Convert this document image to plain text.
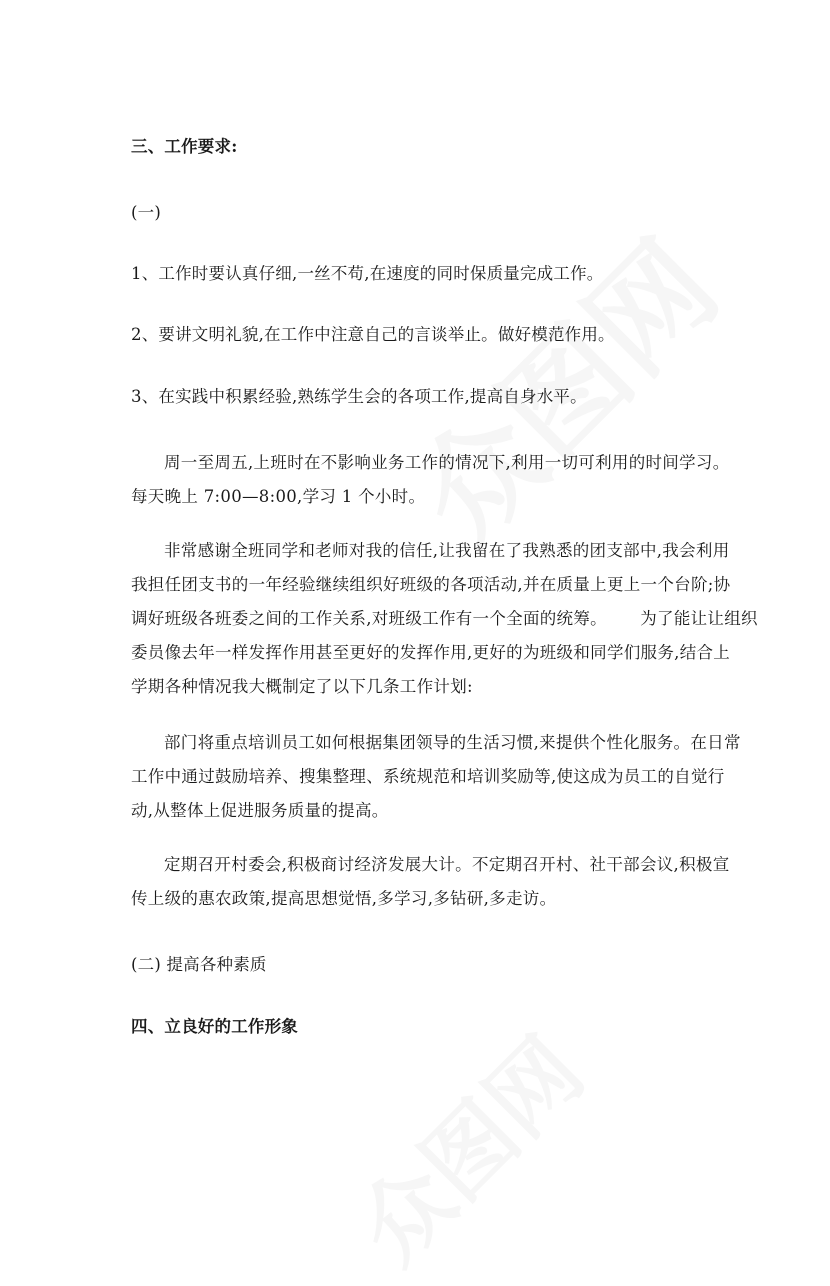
三、工作要求:
(一)
1、工作时要认真仔细,一丝不苟,在速度的同时保质量完成工作。
2、要讲文明礼貌,在工作中注意自己的言谈举止。做好模范作用。
3、在实践中积累经验,熟练学生会的各项工作,提高自身水平。
周一至周五,上班时在不影响业务工作的情况下,利用一切可利用的时间学习。
每天晚上 7:00—8:00,学习 1 个小时。
非常感谢全班同学和老师对我的信任,让我留在了我熟悉的团支部中,我会利用
我担任团支书的一年经验继续组织好班级的各项活动,并在质量上更上一个台阶;协
调好班级各班委之间的工作关系,对班级工作有一个全面的统筹。      为了能让让组织
委员像去年一样发挥作用甚至更好的发挥作用,更好的为班级和同学们服务,结合上
学期各种情况我大概制定了以下几条工作计划:
部门将重点培训员工如何根据集团领导的生活习惯,来提供个性化服务。在日常
工作中通过鼓励培养、搜集整理、系统规范和培训奖励等,使这成为员工的自觉行
动,从整体上促进服务质量的提高。
定期召开村委会,积极商讨经济发展大计。不定期召开村、社干部会议,积极宣
传上级的惠农政策,提高思想觉悟,多学习,多钻研,多走访。
(二) 提高各种素质
四、立良好的工作形象
